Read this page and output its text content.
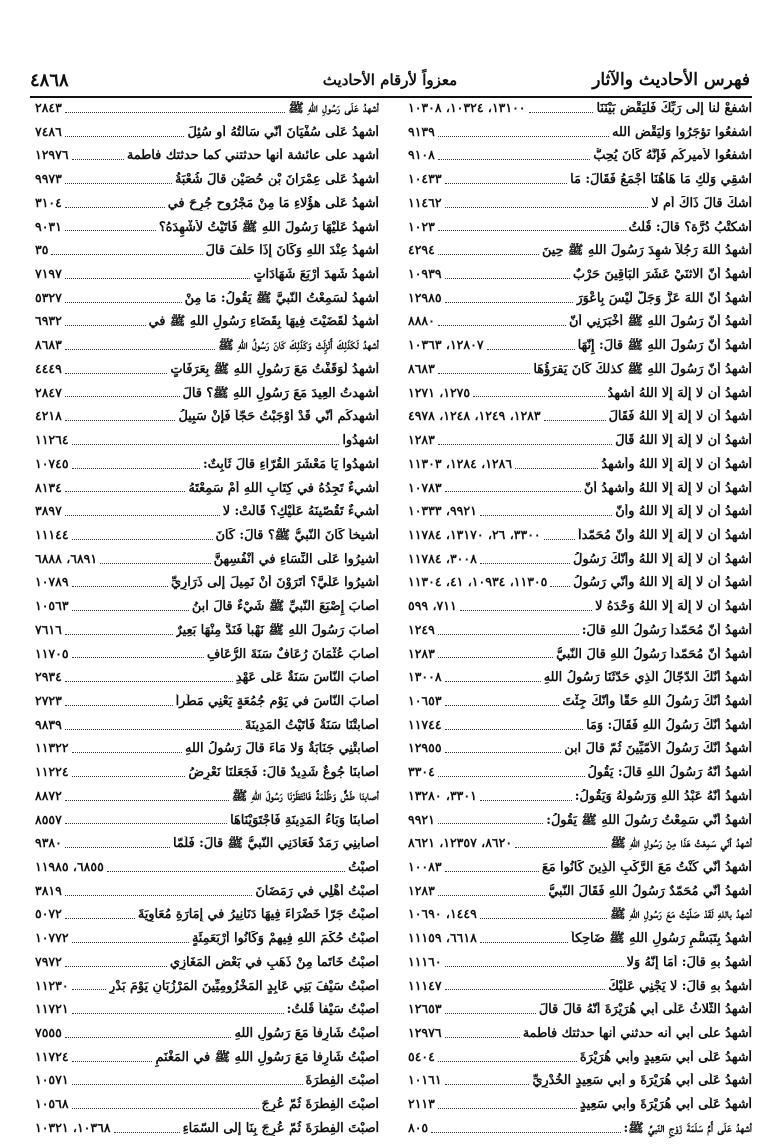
فهرس الأحاديث والآثار
معزواً لأرقام الأحاديث
٤٨٦٨
اشفعْ لنا إلى رَبِّكَ فَلْيَقْضِ بَيْنَنَا
١٣١٠٠، ١٠٣٢٤، ١٠٣٠٨
اشفعُوا تؤجَرُوا وَلْيَقْضِ الله
٩١٣٩
اشفعُوا لأميركُم فَإِنَّهُ كَانَ يُحِبُّ
٩١٠٨
اشقِي وَلَكِ مَا هَاهُنَا أَجْمَعُ فَقَالَ: مَا
١٠٤٣٣
أشكُّ قالَ ذَاكَ أم لا
١١٤٦٢
أشكتْبُ دُرَّة؟ قالَ: قُلْتُ
١٠٢٣
أَشهدُ اللهَ رَجُلاً شهِدَ رَسُولَ اللهِ ﷺ حِينَ
٤٢٩٤
أشهدُ أنّ الاثنَيْ عَشَرَ البَاقِينَ حَرْبٌ
١٠٩٣٩
أشهدُ أنّ اللهَ عَزَّ وَجَلَّ لَيْسَ بِأَعْوَرَ
١٢٩٨٥
أشهدُ أنّ رَسُولَ اللهِ ﷺ أَخْبَرَنِي أَنّ
٨٨٨٠
أشهدُ أنّ رَسُولَ اللهِ ﷺ قالَ: إِنّهَا
١٢٨٠٧، ١٠٣٦٣
أشهدُ أنّ رَسُولَ اللهِ ﷺ كذلكَ كَانَ يَقرَؤُهَا
٨٦٨٣
أشهدُ أن لا إِلَهَ إِلّا اللهُ أشهدُ
١٢٧٥، ١٢٧١
أشهدُ أن لا إِلَهَ إِلّا اللهُ فَقَالَ
١٢٨٣، ١٢٤٩، ١٢٤٨، ٤٩٧٨
أشهدُ أن لا إِلَهَ إِلّا اللهُ قَالَ
١٢٨٣
أشهدُ أن لا إِلَهَ إِلّا اللهُ وأشهدُ
١٢٨٦، ١٢٨٤، ١١٣٠٣
أشهدُ أن لا إِلَهَ إِلّا اللهُ وأشهدُ أنّ
١٠٧٨٣
أشهدُ أن لا إِلَهَ إِلّا اللهُ وأنّ
٩٩٢١، ١٠٣٣٣
أشهدُ أن لا إِلَهَ إِلّا اللهُ وأنّ مُحَمّداً
٣٣٠٠، ٢٦، ١٣١٧٠، ١١٧٨٤
أشهدُ أن لا إِلَهَ إِلّا اللهُ وأنّكَ رَسُولُ
٣٠٠٨، ١١٧٨٤
أشهدُ أن لا إِلَهَ إِلّا اللهُ وأنّي رَسُولُ
١١٣٠٥، ١٠٩٣٤، ٤١، ١١٣٠٤
أشهدُ أن لا إِلَهَ إِلّا اللهُ وَحْدَهُ لا
٧١١، ٥٩٩
أشهدُ أنّ مُحَمّداً رَسُولُ اللهِ قالَ:
١٢٤٩
أشهدُ أنّ مُحَمّداً رَسُولُ اللهِ قالَ النّبيُّ
١٢٨٣
أشهدُ أنّكَ الدّجّالُ الّذِي حَدّثَنَا رَسُولُ اللهِ
١٣٠٠٨
أشهدُ أنّكَ رَسُولُ اللهِ حَقّاً وأنّكَ جِئْتَ
١٠٦٥٣
أشهدُ أنّكَ رَسُولُ اللهِ فَقَالَ: وَمَا
١١٧٤٤
أشهدُ أنّكَ رَسُولُ الأُمّيِّينَ ثُمّ قالَ ابن
١٢٩٥٥
أشهدُ أنّهُ رَسُولُ اللهِ قالَ: يَقُولُ
٣٣٠٤
أشهدُ أنّهُ عَبْدُ اللهِ وَرَسُولُهُ وَيَقُولُ:
٣٣٠١، ١٣٢٨٠
أشهدُ أنّي سَمِعْتُ رَسُولَ اللهِ ﷺ يَقُولُ:
٩٩٢١
أشهدُ أنّي سَمِعْتُ هَذَا مِنْ رَسُولِ اللهِ ﷺ
٨٦٢٠، ١٢٣٥٧، ٨٦٢١
أشهدُ أنّي كُنْتُ مَعَ الرَّكْبِ الّذِينَ كَانُوا مَعَ
١٠٠٨٣
أشهدُ أنّي مُحَمّدٌ رَسُولُ اللهِ فَقَالَ النّبيُّ
١٢٨٣
أشهدُ باللهِ لَقَدْ صَلّيْتُ مَعَ رَسُولِ اللهِ ﷺ
١٤٤٩، ١٠٦٩٠
أشهدُ بِتَبَسُّمِ رَسُولِ اللهِ ﷺ ضَاحِكاً
٦٦١٨، ١١١٥٩
أشهدُ بهِ قالَ: أمَا إِنّهُ وَلا
١١١٦٠
أشهدُ بهِ قالَ: لا يَجْنِي عَلَيْكَ
١١١٤٧
أشهدُ الثّلاثُ عَلَى أبي هُرَيْرَةَ أنّهُ قالَ قالَ
١٢٦٥٣
أشهدُ على أبي أنه حدثني أنها حدثتك فاطمة
١٢٩٧٦
أشهدُ عَلَى أبي سَعِيدٍ وأبي هُرَيْرَةَ
٥٤٠٤
أشهدُ عَلَى أبي هُرَيْرَةَ و أبي سَعِيدٍ الخُدْرِيِّ
١٠١٦١
أشهدُ عَلَى أبي هُرَيْرَةَ وأبي سَعِيدٍ
٢١١٣
أشهدُ عَلَى أُمِّ سَلَمَةَ زَوْجِ النّبيِّ ﷺ:
٨٠٥
أشهدُ عَلَى رَسُولِ اللهِ ﷺ
٢٨٤٣
أشهدُ عَلَى سُفْيَانَ أنّي سَأَلْتُهُ أو سُئِلَ
٧٤٨٦
أشهد على عائشة أنها حدثتني كما حدثتك فاطمة
١٢٩٧٦
أشهدُ عَلَى عِمْرَانَ بْنِ حُصَيْنٍ قالَ شُعْبَةُ
٩٩٧٣
أشهدُ عَلَى هؤُلاءِ مَا مِنْ مَجْرُوحٍ جُرِحَ في
٣١٠٤
أشهدُ عَلَيْهَا رَسُولَ اللهِ ﷺ فَأتَيْتُ لأُشْهِدَهُ؟
٩٠٣١
أشهدُ عِنْدَ اللهِ وَكَانَ إِذَا حَلَفَ قالَ
٣٥
أشهدُ شَهِدَ أَرْبَعَ شَهَادَاتٍ
٧١٩٧
أشهدُ لَسَمِعْتُ النّبيَّ ﷺ يَقُولُ: مَا مِنْ
٥٣٢٧
أشهدُ لَقَضَيْتَ فِيهَا بِقَضَاءِ رَسُولِ اللهِ ﷺ في
٦٩٣٢
أشهدُ لَكَذَلِكَ أُنْزِلَتْ وَكَذَلِكَ كَانَ رَسُولُ اللهِ ﷺ
٨٦٨٣
أشهدُ لَوَقَفْتُ مَعَ رَسُولِ اللهِ ﷺ بِعَرَفَاتٍ
٤٤٤٩
أشهدتُ العِيدَ مَعَ رَسُولِ اللهِ ﷺ؟ قالَ
٢٨٤٧
أشهدكُم أنّي قَدْ أوْجَبْتُ حَجّاً فَإِنْ سَبِيلُ
٤٢١٨
اشهدُوا
١١٢٦٤
اشهدُوا يَا مَعْشَرَ القُرّاءِ قالَ ثَابِتٌ:
١٠٧٤٥
أشيءٌ تَجِدُهُ في كِتَابِ اللهِ أمْ سَمِعْتَهُ
٨١٣٤
أشيءٌ تَقُصّينَهُ عَلَيْكِ؟ قَالَتْ: لا
٣٨٩٧
أشيخاً كَانَ النّبيُّ ﷺ؟ قالَ: كَانَ
١١١٤٤
أشيرُوا عَلَى النِّسَاءِ في أنْفُسِهِنَّ
٦٨٩١، ٦٨٨٨
أشيرُوا عَلَيَّ؟ أتَرَوْنَ أنْ نَمِيلَ إلى ذَرَارِيِّ
١٠٧٨٩
أصابَ إِصْبَعَ النّبيِّ ﷺ شَيْءٌ قالَ ابنُ
١٠٥٦٣
أصابَ رَسُولَ اللهِ ﷺ نَهْباً فَنَدَّ مِنْهَا بَعِيرٌ
٧٦١٦
أصابَ عُثْمَانَ رُعَافٌ سَنَةَ الرُّعَافِ
١١٧٠٥
أصابَ النّاسَ سَنَةٌ عَلَى عَهْدِ
٢٩٣٤
أصابَ النّاسَ في يَوْمِ جُمُعَةٍ يَعْنِي مَطَراً
٢٧٢٣
أصابتْنَا سَنَةٌ فَأتَيْتُ المَدِينَةَ
٩٨٣٩
أصابتْنِي جَنَابَةٌ وَلا مَاءَ قالَ رَسُولُ اللهِ
١١٣٢٢
أصابنَا جُوعٌ شَدِيدٌ قالَ: فَجَعَلْنَا نَعْرِضُ
١١٢٢٤
أصابنَا طَشٌّ وَظُلْمَةٌ فَانْتَظَرْنَا رَسُولَ اللهِ ﷺ
٨٨٧٢
أصابنَا وَبَاءُ المَدِينَةِ فَاجْتَوَيْنَاهَا
٨٥٥٧
أصابنِي رَمَدٌ فَعَادَنِي النّبيُّ ﷺ قالَ: فَلَمّا
٩٣٨٠
أصبْتُ
٦٨٥٥، ١١٩٨٥
أصبْتُ أهْلِي في رَمَضَانَ
٣٨١٩
أصبْتُ جَرّاً خَضْرَاءَ فِيهَا دَنَانِيرُ في إِمَارَةِ مُعَاوِيَةَ
٥٠٧٢
أصبْتُ حُكْمَ اللهِ فِيهِمْ وَكَانُوا أرْبَعَمِئَةٍ
١٠٧٧٢
أصبْتُ خَاتَماً مِنْ ذَهَبٍ في بَعْضِ المَغَازِي
٧٩٧٢
أصبْتُ سَيْفَ بَنِي عَابِدٍ المَخْزُومِيِّينَ المَرْزُبَانِ يَوْمَ بَدْرٍ
١١٢٣٠
أصبْتُ سَيْفاً قُلْتُ:
١١٧٢١
أصبْتُ شَارِفاً مَعَ رَسُولِ اللهِ
٧٥٥٥
أصبْتُ شَارِفاً مَعَ رَسُولِ اللهِ ﷺ في المَغْنَمِ
١١٧٢٤
أصبْتَ الفِطْرَةَ
١٠٥٧١
أصبْتَ الفِطْرَةَ ثُمّ عُرِجَ
١٠٥٦٨
أصبْتَ الفِطْرَةَ ثُمّ عُرِجَ بِنَا إلى السّمَاءِ
١٠٣٦٨، ١٠٣٢١
